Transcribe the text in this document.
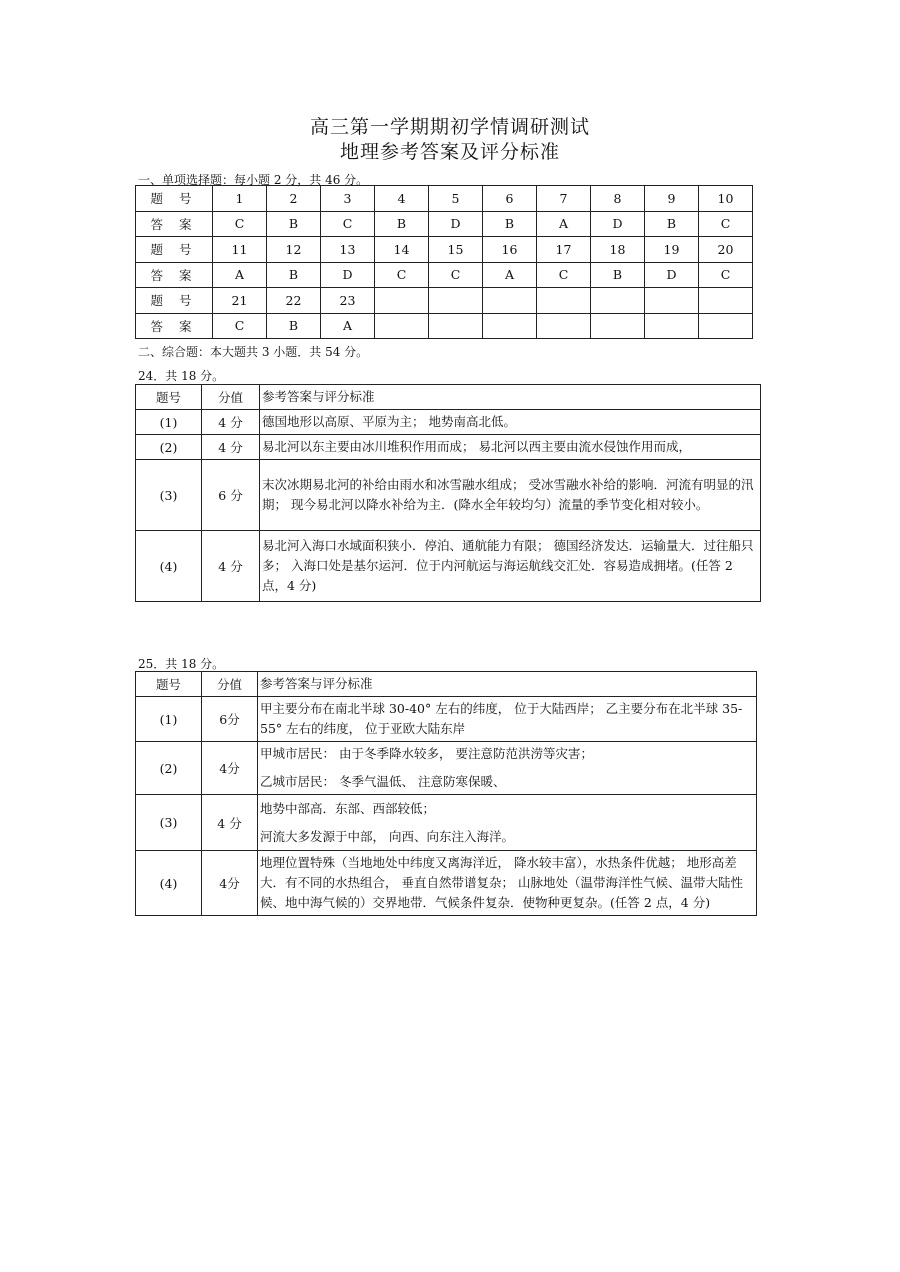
高三第一学期期初学情调研测试
地理参考答案及评分标准
一、单项选择题：每小题 2 分，共 46 分。
题 号	1	2	3	4	5	6	7	8	9	10
答 案	C	B	C	B	D	B	A	D	B	C
题 号	11	12	13	14	15	16	17	18	19	20
答 案	A	B	D	C	C	A	C	B	D	C
题 号	21	22	23							
答 案	C	B	A							
二、综合题：本大题共 3 小题．共 54 分。
24．共 18 分。
题号	分值	参考答案与评分标准
(1)	4 分	德国地形以高原、平原为主； 地势南高北低。

(2)	4 分	易北河以东主要由冰川堆积作用而成； 易北河以西主要由流水侵蚀作用而成，

(3)	6 分	末次冰期易北河的补给由雨水和冰雪融水组成； 受冰雪融水补给的影响．河流有明显的汛期； 现今易北河以降水补给为主．(降水全年较均匀）流量的季节变化相对较小。

(4)	4 分	易北河入海口水域面积狭小．停泊、通航能力有限； 德国经济发达．运输量大．过往船只多； 入海口处是基尔运河．位于内河航运与海运航线交汇处．容易造成拥堵。(任答 2 点，4 分)

25．共 18 分。
题号	分值	参考答案与评分标准
(1)	6分	甲主要分布在南北半球 30-40° 左右的纬度， 位于大陆西岸； 乙主要分布在北半球 35-55° 左右的纬度， 位于亚欧大陆东岸

(2)	4分	甲城市居民： 由于冬季降水较多， 要注意防范洪涝等灾害；

乙城市居民： 冬季气温低、 注意防寒保暖、

(3)	4 分	地势中部高．东部、西部较低；

河流大多发源于中部， 向西、向东注入海洋。

(4)	4分	地理位置特殊（当地地处中纬度又离海洋近， 降水较丰富），水热条件优越； 地形高差大．有不同的水热组合， 垂直自然带谱复杂； 山脉地处（温带海洋性气候、温带大陆性候、地中海气候的）交界地带．气候条件复杂．使物种更复杂。(任答 2 点，4 分)
